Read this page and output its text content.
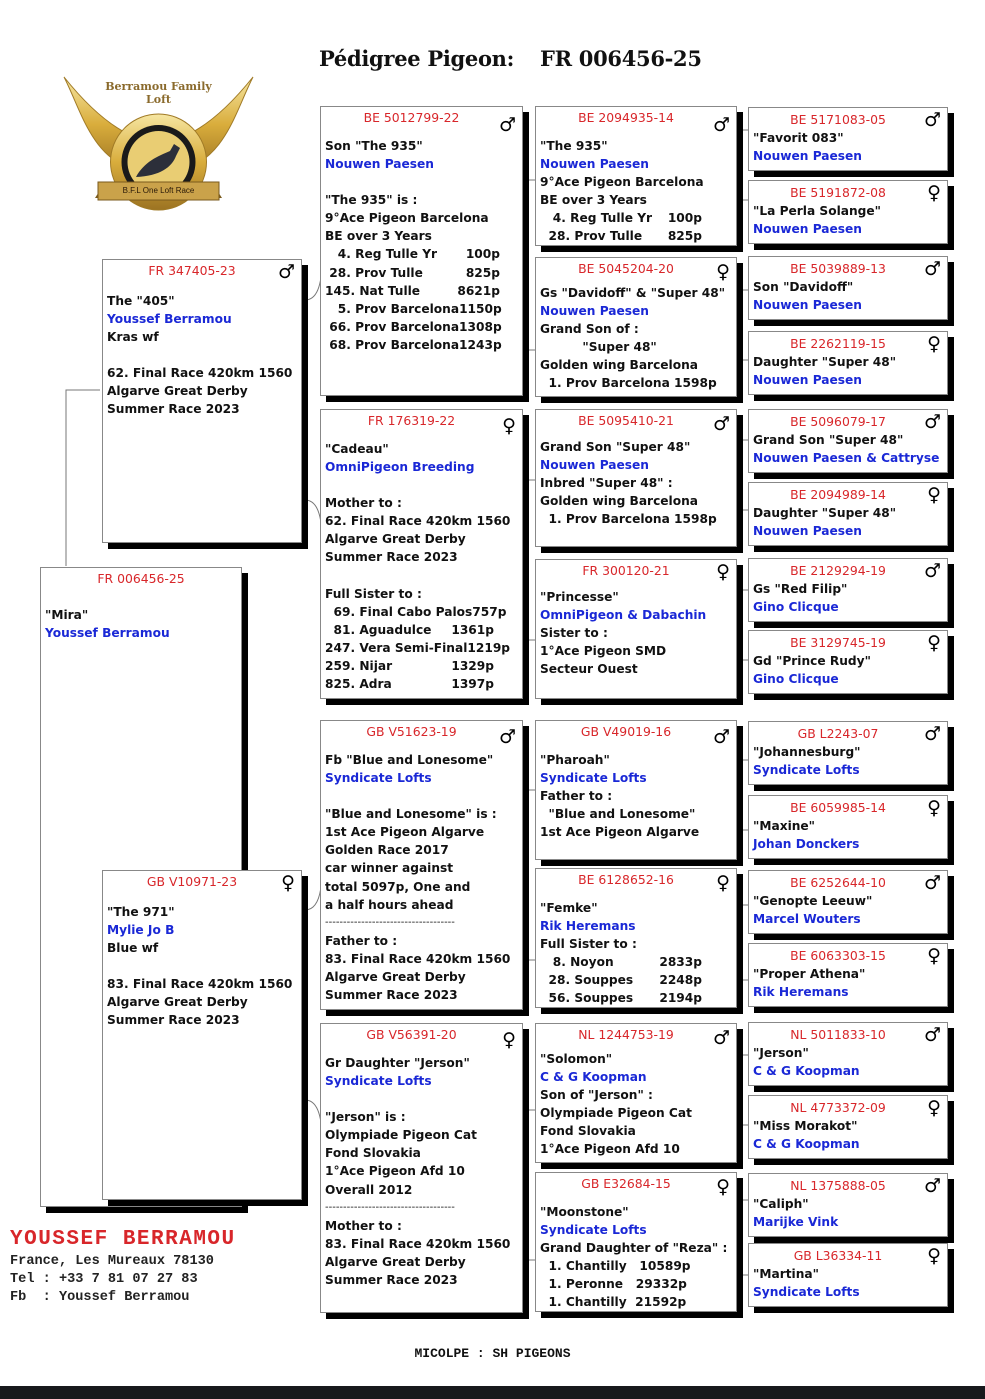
Berramou Family Loft
B.F.L One Loft Race
Pédigree Pigeon: FR 006456-25
FR 006456-25
"Mira"
Youssef Berramou
FR 347405-23	♂
The "405"
Youssef Berramou
Kras wf
62. Final Race 420km 1560
Algarve Great Derby
Summer Race 2023
GB V10971-23	♀
"The 971"
Mylie Jo B
Blue wf
83. Final Race 420km 1560
Algarve Great Derby
Summer Race 2023
BE 5012799-22	♂
Son "The 935"
Nouwen Paesen
"The 935" is :
9°Ace Pigeon Barcelona
BE over 3 Years
4. Reg Tulle Yr 100p
28. Prov Tulle	825p
145. Nat Tulle	8621p
5. Prov Barcelona 1150p
66. Prov Barcelona 1308p
68. Prov Barcelona 1243p
FR 176319-22	♀
"Cadeau"
OmniPigeon Breeding
Mother to :
62. Final Race 420km 1560
Algarve Great Derby
Summer Race 2023
Full Sister to :
69. Final Cabo Palos 757p
81. Aguadulce 1361p
247. Vera Semi-Final 1219p
259. Nijar	1329p
825. Adra	1397p
GB V51623-19	♂
Fb "Blue and Lonesome"
Syndicate Lofts
"Blue and Lonesome" is :
1st Ace Pigeon Algarve
Golden Race 2017
car winner against
total 5097p, One and
a half hours ahead
------------------------------------
Father to :
83. Final Race 420km 1560
Algarve Great Derby
Summer Race 2023
GB V56391-20	♀
Gr Daughter "Jerson"
Syndicate Lofts
"Jerson" is :
Olympiade Pigeon Cat
Fond Slovakia
1°Ace Pigeon Afd 10
Overall 2012
------------------------------------
Mother to :
83. Final Race 420km 1560
Algarve Great Derby
Summer Race 2023
BE 2094935-14	♂
"The 935"
Nouwen Paesen
9°Ace Pigeon Barcelona
BE over 3 Years
4. Reg Tulle Yr 100p
28. Prov Tulle 825p
BE 5045204-20	♀
Gs "Davidoff" & "Super 48"
Nouwen Paesen
Grand Son of :
"Super 48"
Golden wing Barcelona
1. Prov Barcelona 1598p
BE 5095410-21	♂
Grand Son "Super 48"
Nouwen Paesen
Inbred "Super 48" :
Golden wing Barcelona
1. Prov Barcelona 1598p
FR 300120-21	♀
"Princesse"
OmniPigeon & Dabachin
Sister to :
1°Ace Pigeon SMD
Secteur Ouest
GB V49019-16	♂
"Pharoah"
Syndicate Lofts
Father to :
"Blue and Lonesome"
1st Ace Pigeon Algarve
BE 6128652-16	♀
"Femke"
Rik Heremans
Full Sister to :
8. Noyon	2833p
28. Souppes 2248p
56. Souppes 2194p
NL 1244753-19	♂
"Solomon"
C & G Koopman
Son of "Jerson" :
Olympiade Pigeon Cat
Fond Slovakia
1°Ace Pigeon Afd 10
GB E32684-15	♀
"Moonstone"
Syndicate Lofts
Grand Daughter of "Reza" :
1. Chantilly   10589p
1. Peronne   29332p
1. Chantilly  21592p
BE 5171083-05	♂
"Favorit 083"
Nouwen Paesen
BE 5191872-08	♀
"La Perla Solange"
Nouwen Paesen
BE 5039889-13	♂
Son "Davidoff"
Nouwen Paesen
BE 2262119-15	♀
Daughter "Super 48"
Nouwen Paesen
BE 5096079-17	♂
Grand Son "Super 48"
Nouwen Paesen & Cattryse
BE 2094989-14	♀
Daughter "Super 48"
Nouwen Paesen
BE 2129294-19	♂
Gs "Red Filip"
Gino Clicque
BE 3129745-19	♀
Gd "Prince Rudy"
Gino Clicque
GB L2243-07	♂
"Johannesburg"
Syndicate Lofts
BE 6059985-14	♀
"Maxine"
Johan Donckers
BE 6252644-10	♂
"Genopte Leeuw"
Marcel Wouters
BE 6063303-15	♀
"Proper Athena"
Rik Heremans
NL 5011833-10	♂
"Jerson"
C & G Koopman
NL 4773372-09	♀
"Miss Morakot"
C & G Koopman
NL 1375888-05	♂
"Caliph"
Marijke Vink
GB L36334-11	♀
"Martina"
Syndicate Lofts
YOUSSEF BERRAMOU
France, Les Mureaux 78130
Tel : +33 7 81 07 27 83
Fb  : Youssef Berramou
MICOLPE : SH PIGEONS
